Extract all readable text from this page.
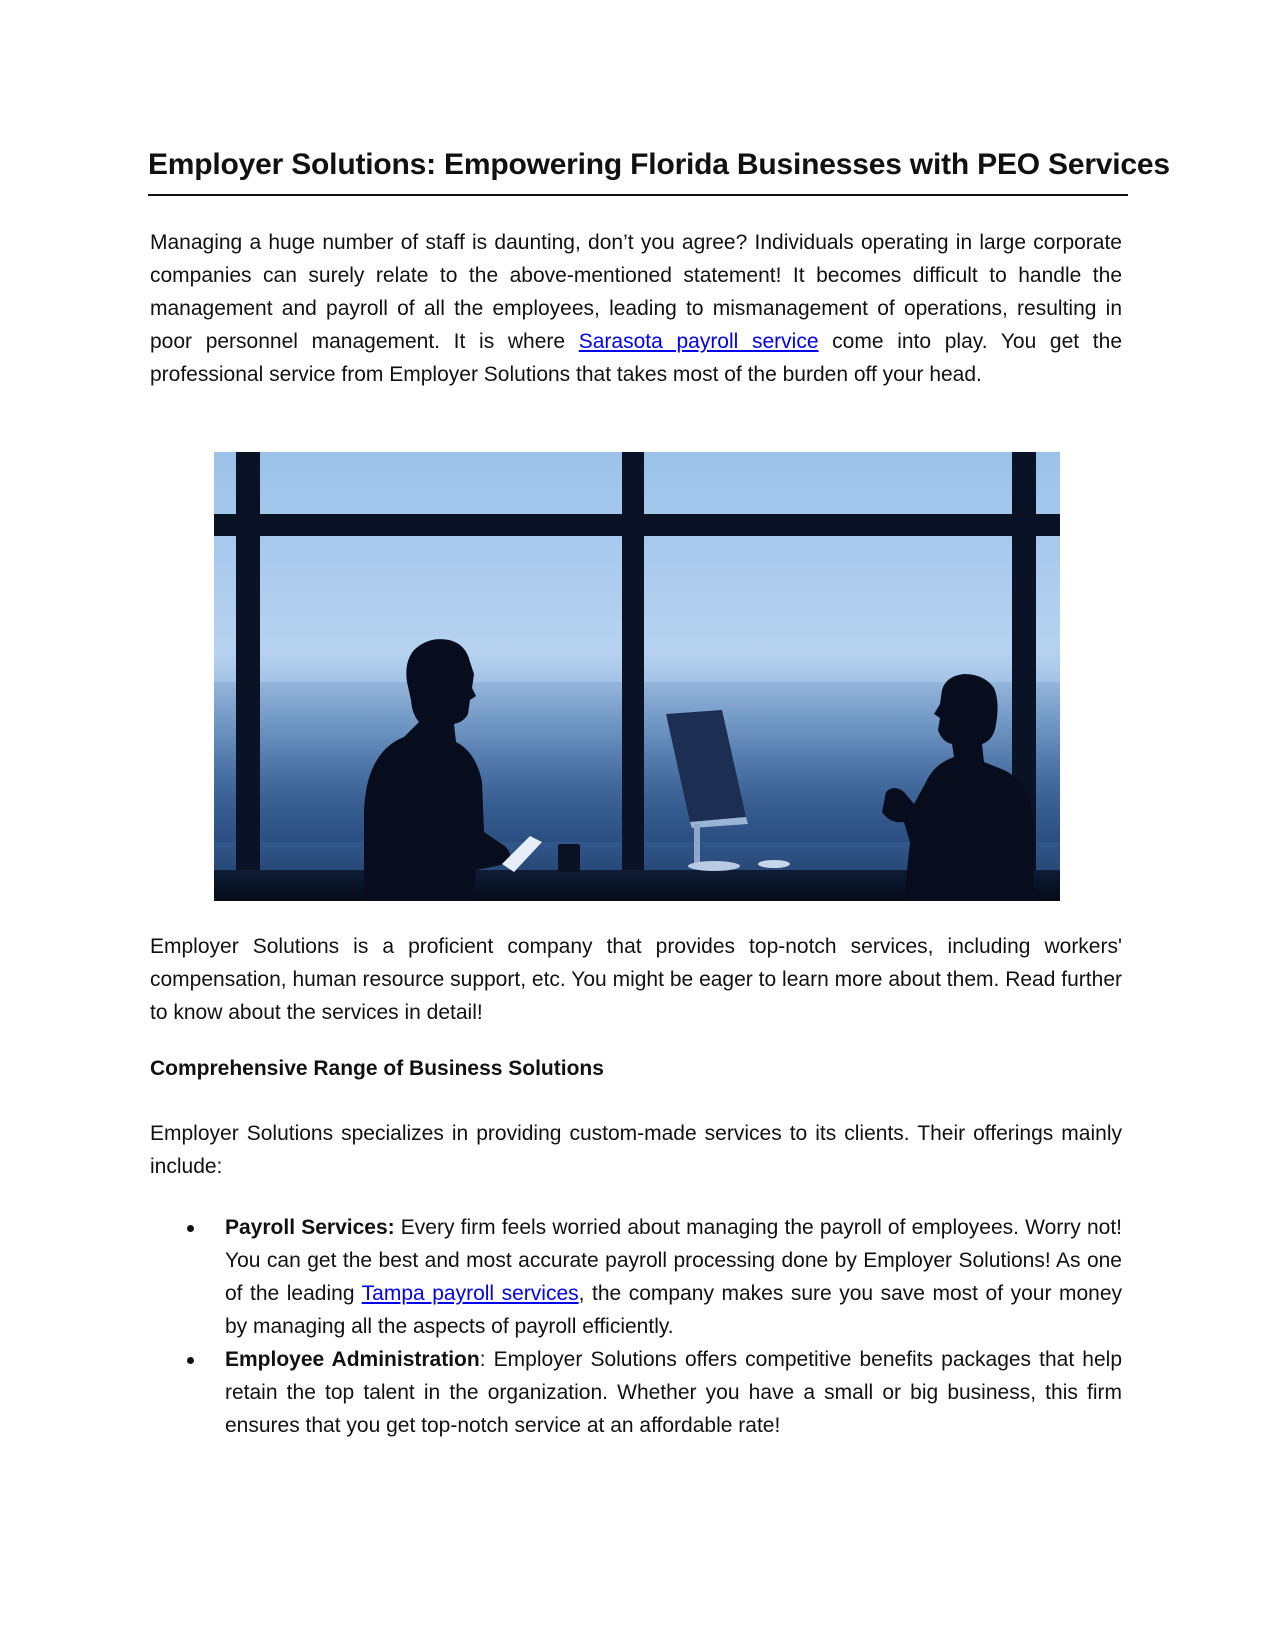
Employer Solutions: Empowering Florida Businesses with PEO Services

Managing a huge number of staff is daunting, don’t you agree? Individuals operating in large corporate companies can surely relate to the above-mentioned statement! It becomes difficult to handle the management and payroll of all the employees, leading to mismanagement of operations, resulting in poor personnel management. It is where Sarasota payroll service come into play. You get the professional service from Employer Solutions that takes most of the burden off your head.

Employer Solutions is a proficient company that provides top-notch services, including workers' compensation, human resource support, etc. You might be eager to learn more about them. Read further to know about the services in detail!

Comprehensive Range of Business Solutions

Employer Solutions specializes in providing custom-made services to its clients. Their offerings mainly include:

Payroll Services: Every firm feels worried about managing the payroll of employees. Worry not! You can get the best and most accurate payroll processing done by Employer Solutions! As one of the leading Tampa payroll services, the company makes sure you save most of your money by managing all the aspects of payroll efficiently.
Employee Administration: Employer Solutions offers competitive benefits packages that help retain the top talent in the organization. Whether you have a small or big business, this firm ensures that you get top-notch service at an affordable rate!
